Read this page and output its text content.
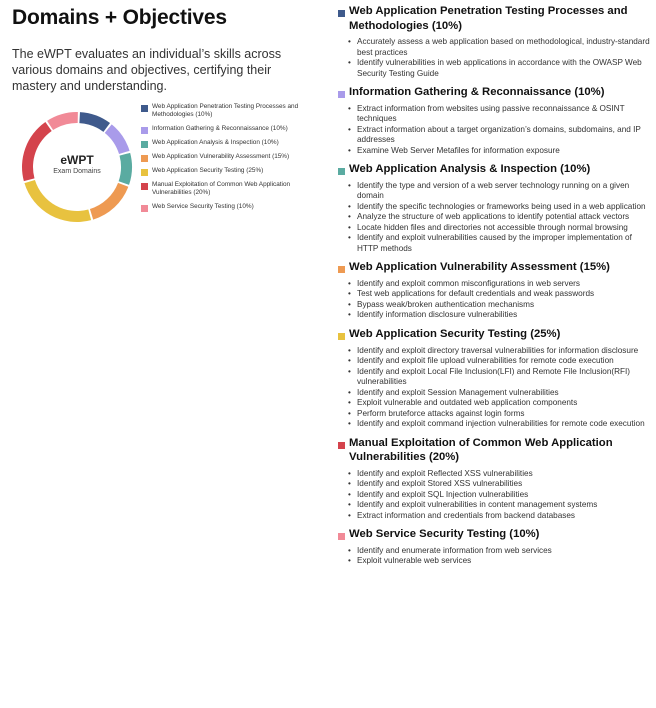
Domains + Objectives
The eWPT evaluates an individual’s skills across various domains and objectives, certifying their mastery and understanding.
eWPT
Exam Domains
Web Application Penetration Testing Processes and Methodologies (10%)
Information Gathering & Reconnaissance (10%)
Web Application Analysis & Inspection (10%)
Web Application Vulnerability Assessment (15%)
Web Application Security Testing (25%)
Manual Exploitation of Common Web Application Vulnerabilities (20%)
Web Service Security Testing (10%)
Web Application Penetration Testing Processes and Methodologies (10%)
• Accurately assess a web application based on methodological, industry-standard best practices
• Identify vulnerabilities in web applications in accordance with the OWASP Web Security Testing Guide
Information Gathering & Reconnaissance (10%)
• Extract information from websites using passive reconnaissance & OSINT techniques
• Extract information about a target organization’s domains, subdomains, and IP addresses
• Examine Web Server Metafiles for information exposure
Web Application Analysis & Inspection (10%)
• Identify the type and version of a web server technology running on a given domain
• Identify the specific technologies or frameworks being used in a web application
• Analyze the structure of web applications to identify potential attack vectors
• Locate hidden files and directories not accessible through normal browsing
• Identify and exploit vulnerabilities caused by the improper implementation of HTTP methods
Web Application Vulnerability Assessment (15%)
• Identify and exploit common misconfigurations in web servers
• Test web applications for default credentials and weak passwords
• Bypass weak/broken authentication mechanisms
• Identify information disclosure vulnerabilities
Web Application Security Testing (25%)
• Identify and exploit directory traversal vulnerabilities for information disclosure
• Identify and exploit file upload vulnerabilities for remote code execution
• Identify and exploit Local File Inclusion(LFI) and Remote File Inclusion(RFI) vulnerabilities
• Identify and exploit Session Management vulnerabilities
• Exploit vulnerable and outdated web application components
• Perform bruteforce attacks against login forms
• Identify and exploit command injection vulnerabilities for remote code execution
Manual Exploitation of Common Web Application Vulnerabilities (20%)
• Identify and exploit Reflected XSS vulnerabilities
• Identify and exploit Stored XSS vulnerabilities
• Identify and exploit SQL Injection vulnerabilities
• Identify and exploit vulnerabilities in content management systems
• Extract information and credentials from backend databases
Web Service Security Testing (10%)
• Identify and enumerate information from web services
• Exploit vulnerable web services
